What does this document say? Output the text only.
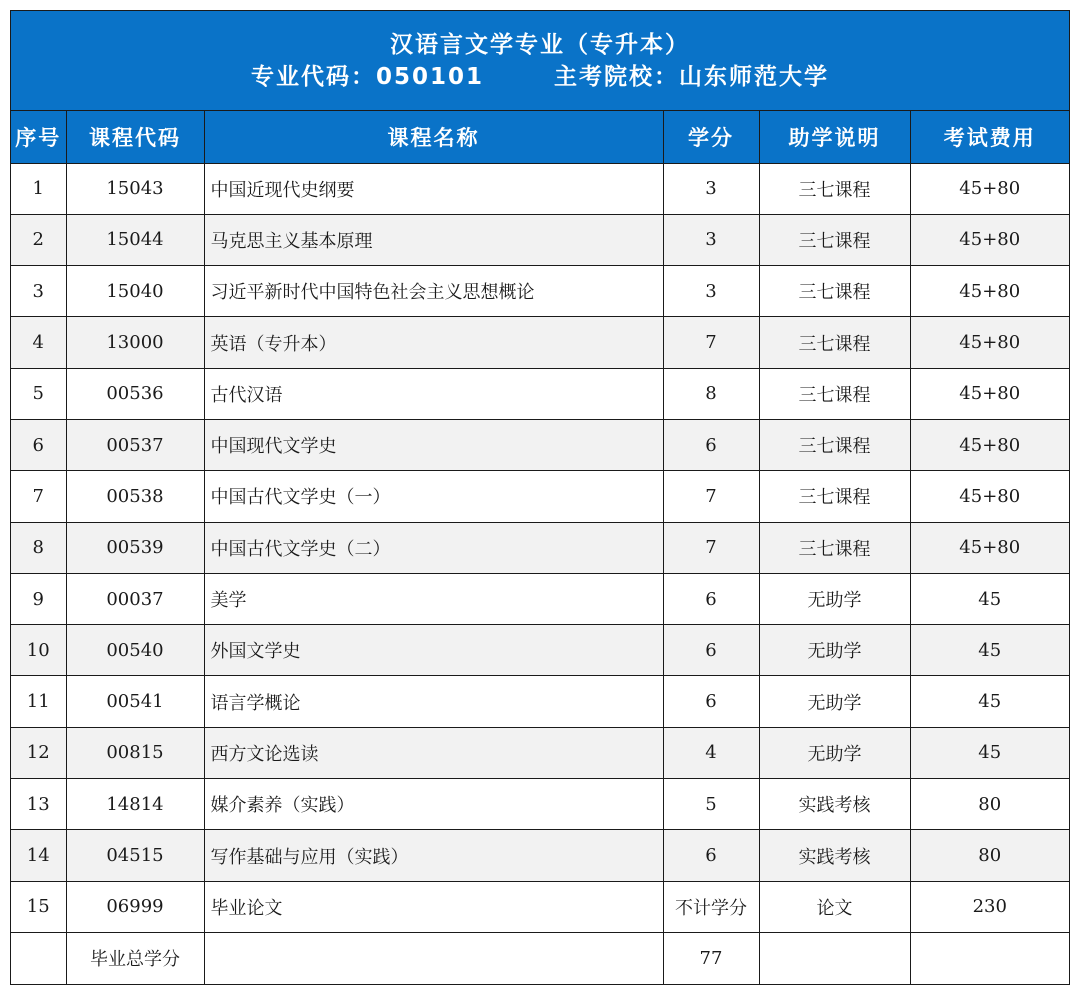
汉语言文学专业（专升本）
专业代码：050101	主考院校：山东师范大学
序号	课程代码	课程名称	学分	助学说明	考试费用
1	15043	中国近现代史纲要	3	三七课程	45+80
2	15044	马克思主义基本原理	3	三七课程	45+80
3	15040	习近平新时代中国特色社会主义思想概论	3	三七课程	45+80
4	13000	英语（专升本）	7	三七课程	45+80
5	00536	古代汉语	8	三七课程	45+80
6	00537	中国现代文学史	6	三七课程	45+80
7	00538	中国古代文学史（一）	7	三七课程	45+80
8	00539	中国古代文学史（二）	7	三七课程	45+80
9	00037	美学	6	无助学	45
10	00540	外国文学史	6	无助学	45
11	00541	语言学概论	6	无助学	45
12	00815	西方文论选读	4	无助学	45
13	14814	媒介素养（实践）	5	实践考核	80
14	04515	写作基础与应用（实践）	6	实践考核	80
15	06999	毕业论文	不计学分	论文	230
	毕业总学分		77		
